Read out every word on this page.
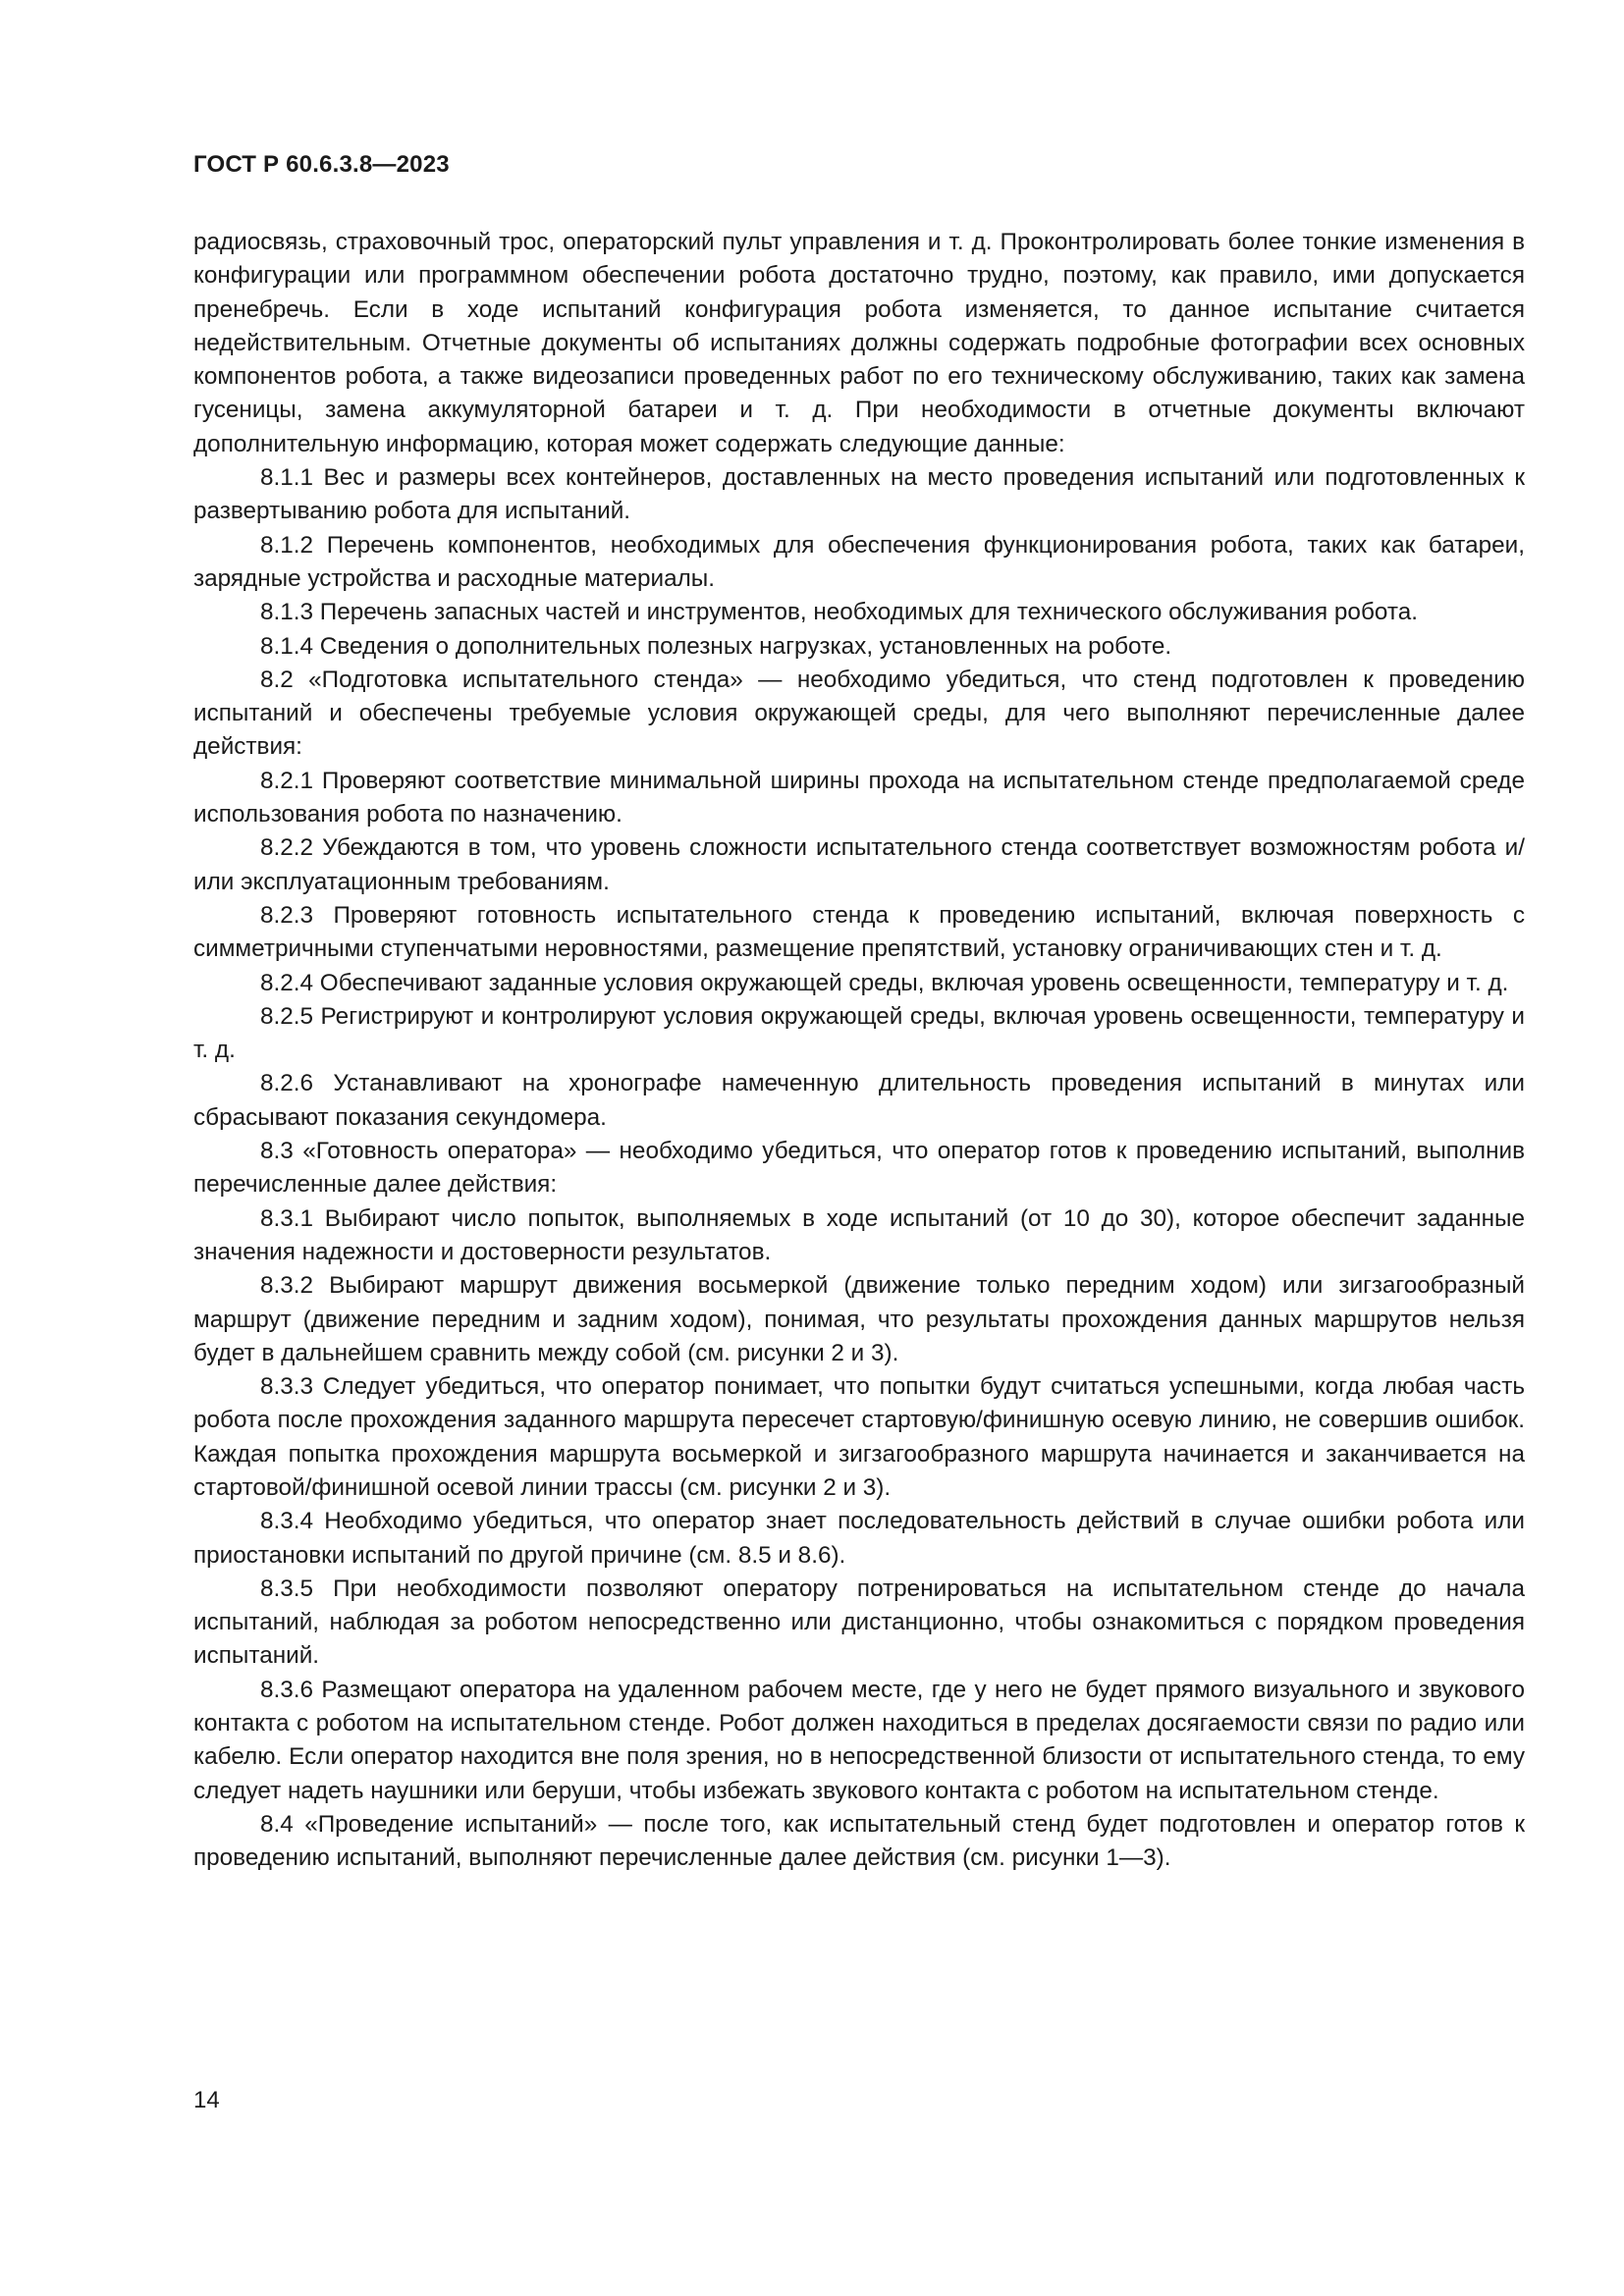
ГОСТ Р 60.6.3.8—2023

радиосвязь, страховочный трос, операторский пульт управления и т. д. Проконтролировать более тонкие изменения в конфигурации или программном обеспечении робота достаточно трудно, поэтому, как правило, ими допускается пренебречь. Если в ходе испытаний конфигурация робота изменяется, то данное испытание считается недействительным. Отчетные документы об испытаниях должны содержать подробные фотографии всех основных компонентов робота, а также видеозаписи проведенных работ по его техническому обслуживанию, таких как замена гусеницы, замена аккумуляторной батареи и т. д. При необходимости в отчетные документы включают дополнительную информацию, которая может содержать следующие данные:

8.1.1 Вес и размеры всех контейнеров, доставленных на место проведения испытаний или подготовленных к развертыванию робота для испытаний.

8.1.2 Перечень компонентов, необходимых для обеспечения функционирования робота, таких как батареи, зарядные устройства и расходные материалы.

8.1.3 Перечень запасных частей и инструментов, необходимых для технического обслуживания робота.

8.1.4 Сведения о дополнительных полезных нагрузках, установленных на роботе.

8.2 «Подготовка испытательного стенда» — необходимо убедиться, что стенд подготовлен к проведению испытаний и обеспечены требуемые условия окружающей среды, для чего выполняют перечисленные далее действия:

8.2.1 Проверяют соответствие минимальной ширины прохода на испытательном стенде предполагаемой среде использования робота по назначению.

8.2.2 Убеждаются в том, что уровень сложности испытательного стенда соответствует возможностям робота и/или эксплуатационным требованиям.

8.2.3 Проверяют готовность испытательного стенда к проведению испытаний, включая поверхность с симметричными ступенчатыми неровностями, размещение препятствий, установку ограничивающих стен и т. д.

8.2.4 Обеспечивают заданные условия окружающей среды, включая уровень освещенности, температуру и т. д.

8.2.5 Регистрируют и контролируют условия окружающей среды, включая уровень освещенности, температуру и т. д.

8.2.6 Устанавливают на хронографе намеченную длительность проведения испытаний в минутах или сбрасывают показания секундомера.

8.3 «Готовность оператора» — необходимо убедиться, что оператор готов к проведению испытаний, выполнив перечисленные далее действия:

8.3.1 Выбирают число попыток, выполняемых в ходе испытаний (от 10 до 30), которое обеспечит заданные значения надежности и достоверности результатов.

8.3.2 Выбирают маршрут движения восьмеркой (движение только передним ходом) или зигзагообразный маршрут (движение передним и задним ходом), понимая, что результаты прохождения данных маршрутов нельзя будет в дальнейшем сравнить между собой (см. рисунки 2 и 3).

8.3.3 Следует убедиться, что оператор понимает, что попытки будут считаться успешными, когда любая часть робота после прохождения заданного маршрута пересечет стартовую/финишную осевую линию, не совершив ошибок. Каждая попытка прохождения маршрута восьмеркой и зигзагообразного маршрута начинается и заканчивается на стартовой/финишной осевой линии трассы (см. рисунки 2 и 3).

8.3.4 Необходимо убедиться, что оператор знает последовательность действий в случае ошибки робота или приостановки испытаний по другой причине (см. 8.5 и 8.6).

8.3.5 При необходимости позволяют оператору потренироваться на испытательном стенде до начала испытаний, наблюдая за роботом непосредственно или дистанционно, чтобы ознакомиться с порядком проведения испытаний.

8.3.6 Размещают оператора на удаленном рабочем месте, где у него не будет прямого визуального и звукового контакта с роботом на испытательном стенде. Робот должен находиться в пределах досягаемости связи по радио или кабелю. Если оператор находится вне поля зрения, но в непосредственной близости от испытательного стенда, то ему следует надеть наушники или беруши, чтобы избежать звукового контакта с роботом на испытательном стенде.

8.4 «Проведение испытаний» — после того, как испытательный стенд будет подготовлен и оператор готов к проведению испытаний, выполняют перечисленные далее действия (см. рисунки 1—3).

14
